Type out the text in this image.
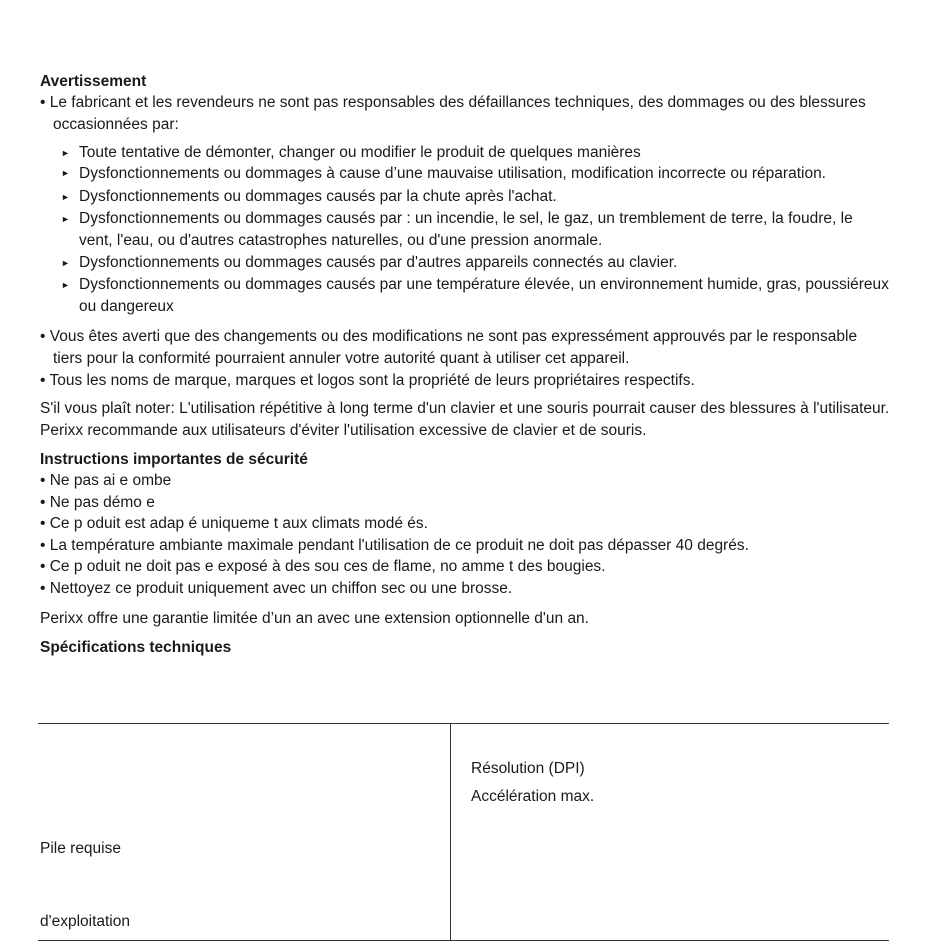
Avertissement

• Le fabricant et les revendeurs ne sont pas responsables des défaillances techniques, des dommages ou des blessures occasionnées par:

► Toute tentative de démonter, changer ou modifier le produit de quelques manières
► Dysfonctionnements ou dommages à cause d’une mauvaise utilisation, modification incorrecte ou réparation.
► Dysfonctionnements ou dommages causés par la chute après l'achat.
► Dysfonctionnements ou dommages causés par : un incendie, le sel, le gaz, un tremblement de terre, la foudre, le vent, l'eau, ou d'autres catastrophes naturelles, ou d'une pression anormale.
► Dysfonctionnements ou dommages causés par d'autres appareils connectés au clavier.
► Dysfonctionnements ou dommages causés par une température élevée, un environnement humide, gras, poussiéreux ou dangereux

• Vous êtes averti que des changements ou des modifications ne sont pas expressément approuvés par le responsable tiers pour la conformité pourraient annuler votre autorité quant à utiliser cet appareil.

• Tous les noms de marque, marques et logos sont la propriété de leurs propriétaires respectifs.

S'il vous plaît noter: L'utilisation répétitive à long terme d'un clavier et une souris pourrait causer des blessures à l'utilisateur. Perixx recommande aux utilisateurs d'éviter l'utilisation excessive de clavier et de souris.

Instructions importantes de sécurité

• Ne pas ai e ombe
• Ne pas démo e
• Ce p oduit est adap é uniqueme t aux climats modé és.
• La température ambiante maximale pendant l'utilisation de ce produit ne doit pas dépasser 40 degrés.
• Ce p oduit ne doit pas e exposé à des sou ces de flame, no amme t des bougies.
• Nettoyez ce produit uniquement avec un chiffon sec ou une brosse.

Perixx offre une garantie limitée d’un an avec une extension optionnelle d'un an.

Spécifications techniques

Résolution (DPI)
Accélération max.
Pile requise
d'exploitation
